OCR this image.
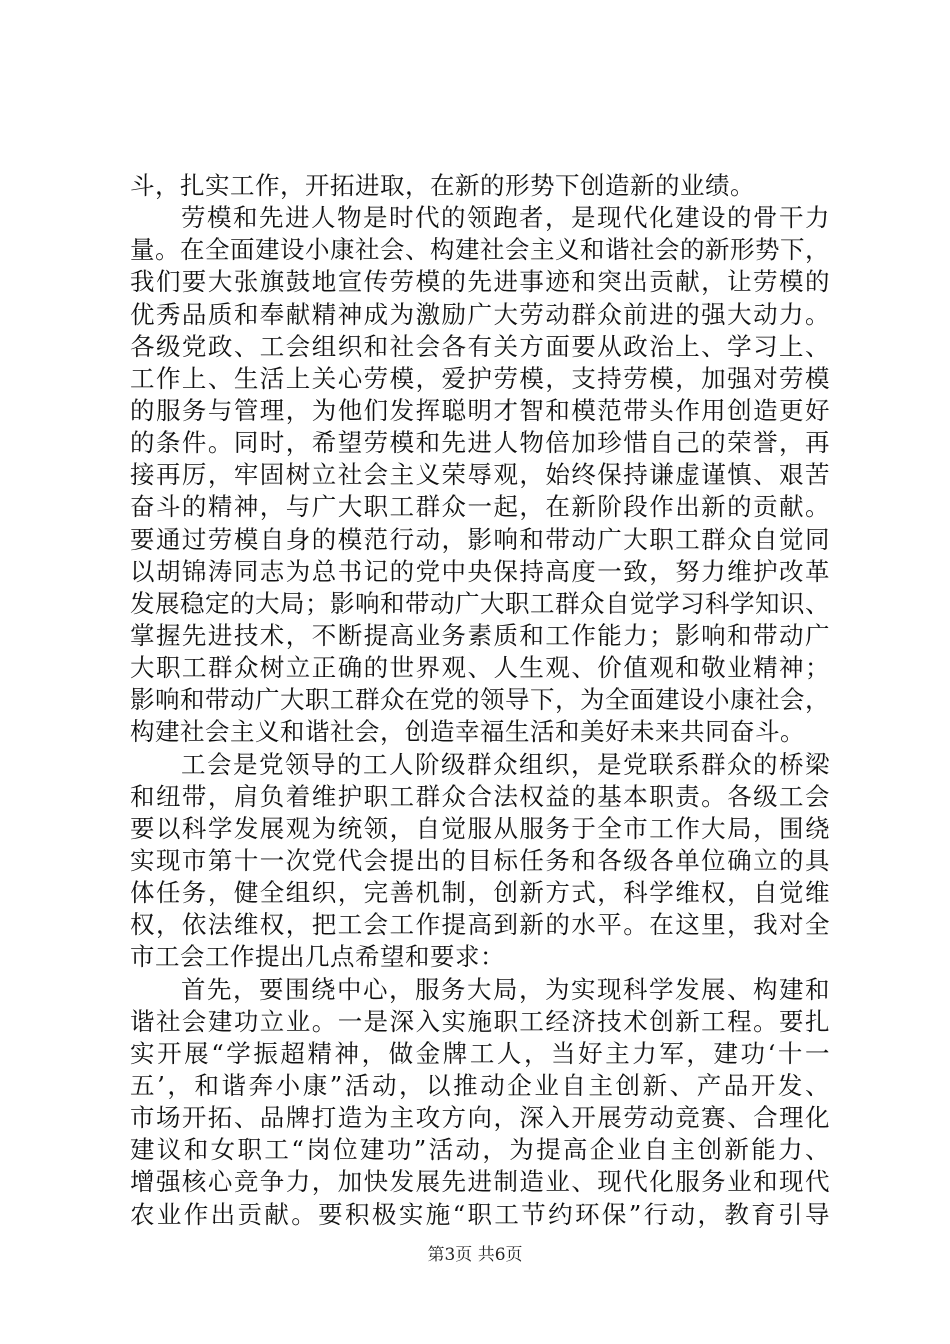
斗，扎实工作，开拓进取，在新的形势下创造新的业绩。
劳模和先进人物是时代的领跑者，是现代化建设的骨干力
量。在全面建设小康社会、构建社会主义和谐社会的新形势下，
我们要大张旗鼓地宣传劳模的先进事迹和突出贡献，让劳模的
优秀品质和奉献精神成为激励广大劳动群众前进的强大动力。
各级党政、工会组织和社会各有关方面要从政治上、学习上、
工作上、生活上关心劳模，爱护劳模，支持劳模，加强对劳模
的服务与管理，为他们发挥聪明才智和模范带头作用创造更好
的条件。同时，希望劳模和先进人物倍加珍惜自己的荣誉，再
接再厉，牢固树立社会主义荣辱观，始终保持谦虚谨慎、艰苦
奋斗的精神，与广大职工群众一起，在新阶段作出新的贡献。
要通过劳模自身的模范行动，影响和带动广大职工群众自觉同
以胡锦涛同志为总书记的党中央保持高度一致，努力维护改革
发展稳定的大局；影响和带动广大职工群众自觉学习科学知识、
掌握先进技术，不断提高业务素质和工作能力；影响和带动广
大职工群众树立正确的世界观、人生观、价值观和敬业精神；
影响和带动广大职工群众在党的领导下，为全面建设小康社会，
构建社会主义和谐社会，创造幸福生活和美好未来共同奋斗。
工会是党领导的工人阶级群众组织，是党联系群众的桥梁
和纽带，肩负着维护职工群众合法权益的基本职责。各级工会
要以科学发展观为统领，自觉服从服务于全市工作大局，围绕
实现市第十一次党代会提出的目标任务和各级各单位确立的具
体任务，健全组织，完善机制，创新方式，科学维权，自觉维
权，依法维权，把工会工作提高到新的水平。在这里，我对全
市工会工作提出几点希望和要求：
首先，要围绕中心，服务大局，为实现科学发展、构建和
谐社会建功立业。一是深入实施职工经济技术创新工程。要扎
实开展“学振超精神，做金牌工人，当好主力军，建功‘十一
五’，和谐奔小康”活动，以推动企业自主创新、产品开发、
市场开拓、品牌打造为主攻方向，深入开展劳动竞赛、合理化
建议和女职工“岗位建功”活动，为提高企业自主创新能力、
增强核心竞争力，加快发展先进制造业、现代化服务业和现代
农业作出贡献。要积极实施“职工节约环保”行动，教育引导
第3页 共6页
